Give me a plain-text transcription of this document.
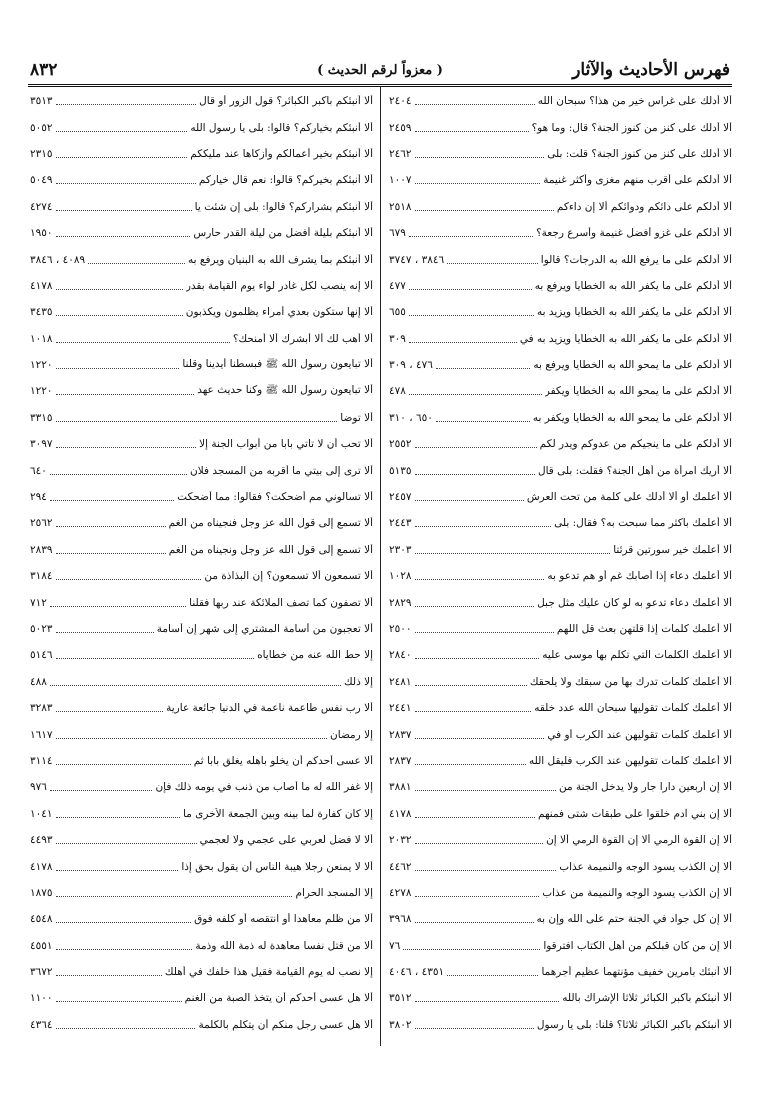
فهرس الأحاديث والآثار
( معزواً لرقم الحديث )
٨٣٢
ألا أدلك على غراس خير من هذا؟ سبحان الله
٢٤٠٤
ألا أدلك على كنز من كنوز الجنة؟ قال: وما هو؟
٢٤٥٩
ألا أدلك على كنز من كنوز الجنة؟ قلت: بلى
٢٤٦٢
ألا أدلكم على أقرب منهم مغزى وأكثر غنيمة
١٠٠٧
ألا أدلكم على دائكم ودوائكم ألا إن داءكم
٢٥١٨
ألا أدلكم على غزو أفضل غنيمة وأسرع رجعة؟
٦٧٩
ألا أدلكم على ما يرفع الله به الدرجات؟ قالوا
٣٨٤٦ ، ٣٧٤٧
ألا أدلكم على ما يكفر الله به الخطايا ويرفع به
٤٧٧
ألا أدلكم على ما يكفر الله به الخطايا ويزيد به
٦٥٥
ألا أدلكم على ما يكفر الله به الخطايا ويزيد به في
٣٠٩
ألا أدلكم على ما يمحو الله به الخطايا ويرفع به
٤٧٦ ، ٣٠٩
ألا أدلكم على ما يمحو الله به الخطايا ويكفر
٤٧٨
ألا أدلكم على ما يمحو الله به الخطايا ويكفر به
٦٥٠ ، ٣١٠
ألا أدلكم على ما ينجيكم من عدوكم ويدر لكم
٢٥٥٢
ألا أريك امرأة من أهل الجنة؟ فقلت: بلى قال
٥١٣٥
ألا أعلمك أو ألا أدلك على كلمة من تحت العرش
٢٤٥٧
ألا أعلمك بأكثر مما سبحت به؟ فقال: بلى
٢٤٤٣
ألا أعلمك خير سورتين قرئتا
٢٣٠٣
ألا أعلمك دعاء إذا أصابك غم أو هم تدعو به
١٠٢٨
ألا أعلمك دعاء تدعو به لو كان عليك مثل جبل
٢٨٢٩
ألا أعلمك كلمات إذا قلتهن بعث قل اللهم
٢٥٠٠
ألا أعلمك الكلمات التي تكلم بها موسى عليه
٢٨٤٠
ألا أعلمك كلمات تدرك بها من سبقك ولا يلحقك
٢٤٨١
ألا أعلمك كلمات تقوليها سبحان الله عدد خلقه
٢٤٤١
ألا أعلمك كلمات تقوليهن عند الكرب أو في
٢٨٣٧
ألا أعلمك كلمات تقوليهن عند الكرب فليقل الله
٢٨٣٧
ألا إن أربعين دارا جار ولا يدخل الجنة من
٣٨٨١
ألا إن بني آدم خلقوا على طبقات شتى فمنهم
٤١٧٨
ألا إن القوة الرمي ألا إن القوة الرمي ألا إن
٢٠٣٢
ألا إن الكذب يسود الوجه والنميمة عذاب
٤٤٦٢
ألا إن الكذب يسود الوجه والنميمة من عذاب
٤٢٧٨
ألا إن كل جواد في الجنة حتم على الله وإن به
٣٩٦٨
ألا إن من كان قبلكم من أهل الكتاب افترقوا
٧٦
ألا أنبئك بأمرين خفيف مؤنتهما عظيم أجرهما
٤٣٥١ ، ٤٠٤٦
ألا أنبئكم بأكبر الكبائر ثلاثا الإشراك بالله
٣٥١٢
ألا أنبئكم بأكبر الكبائر ثلاثا؟ قلنا: بلى يا رسول
٣٨٠٢
ألا أنبئكم بأكبر الكبائر؟ قول الزور أو قال
٣٥١٣
ألا أنبئكم بخياركم؟ قالوا: بلى يا رسول الله
٥٠٥٢
ألا أنبئكم بخير أعمالكم وأزكاها عند مليككم
٢٣١٥
ألا أنبئكم بخيركم؟ قالوا: نعم قال خياركم
٥٠٤٩
ألا أنبئكم بشراركم؟ قالوا: بلى إن شئت يا
٤٢٧٤
ألا أنبئكم بليلة أفضل من ليلة القدر حارس
١٩٥٠
ألا أنبئكم بما يشرف الله به البنيان ويرفع به
٤٠٨٩ ، ٣٨٤٦
ألا إنه ينصب لكل غادر لواء يوم القيامة بقدر
٤١٧٨
ألا إنها ستكون بعدي أمراء يظلمون ويكذبون
٣٤٣٥
ألا أهب لك ألا أبشرك ألا أمنحك؟
١٠١٨
ألا تبايعون رسول الله ﷺ فبسطنا أيدينا وقلنا
١٢٢٠
ألا تبايعون رسول الله ﷺ وكنا حديث عهد
١٢٢٠
ألا توضأ
٣٣١٥
ألا تحب أن لا تأتي بابا من أبواب الجنة إلا
٣٠٩٧
ألا ترى إلى بيتي ما أقربه من المسجد فلان
٦٤٠
ألا تسألوني مم أضحكت؟ فقالوا: مما أضحكت
٢٩٤
ألا تسمع إلى قول الله عز وجل فنجيناه من الغم
٢٥٦٢
ألا تسمع إلى قول الله عز وجل ونجيناه من الغم
٢٨٣٩
ألا تسمعون ألا تسمعون؟ إن البذاذة من
٣١٨٤
ألا تصفون كما تصف الملائكة عند ربها فقلنا
٧١٢
ألا تعجبون من أسامة المشتري إلى شهر إن أسامة
٥٠٢٣
إلا حط الله عنه من خطاياه
٥١٤٦
إلا ذلك
٤٨٨
ألا رب نفس طاعمة ناعمة في الدنيا جائعة عارية
٣٢٨٣
إلا رمضان
١٦١٧
ألا عسى أحدكم أن يخلو بأهله يغلق بابا ثم
٣١١٤
إلا غفر الله له ما أصاب من ذنب في يومه ذلك فإن
٩٧٦
إلا كان كفارة لما بينه وبين الجمعة الأخرى ما
١٠٤١
ألا لا فضل لعربي على عجمي ولا لعجمي
٤٤٩٣
ألا لا يمنعن رجلا هيبة الناس أن يقول بحق إذا
٤١٧٨
إلا المسجد الحرام
١٨٧٥
ألا من ظلم معاهدا أو انتقصه أو كلفه فوق
٤٥٤٨
ألا من قتل نفسا معاهدة له ذمة الله وذمة
٤٥٥١
إلا نصب له يوم القيامة فقيل هذا خلفك في أهلك
٣٦٧٢
ألا هل عسى أحدكم أن يتخذ الصبة من الغنم
١١٠٠
ألا هل عسى رجل منكم أن يتكلم بالكلمة
٤٣٦٤
